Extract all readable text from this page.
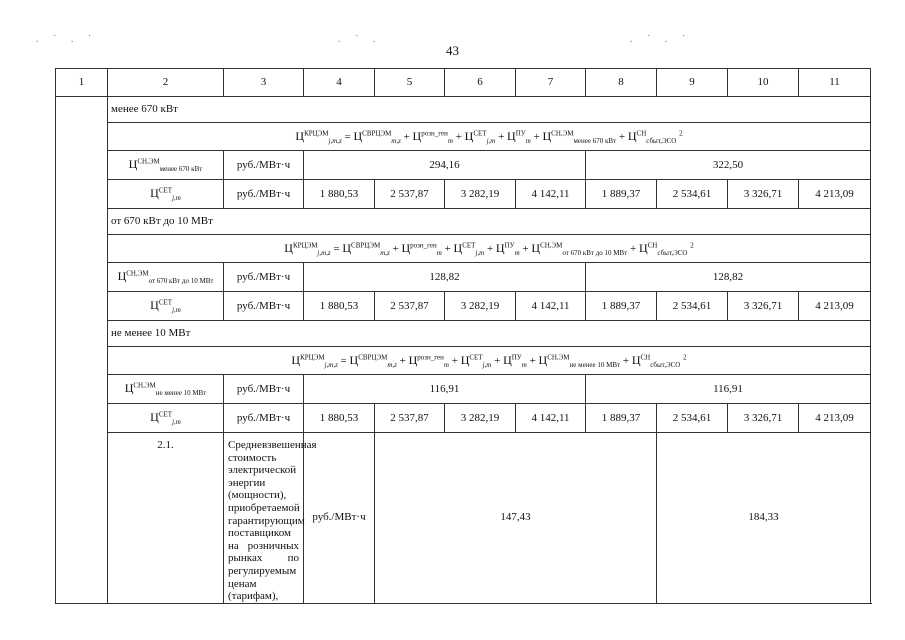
. ˙ . ˙	. ˙ .	. ˙ . ˙
43
1	2	3	4	5	6	7	8	9	10	11
	менее 670 кВт									
	$Ц^{КРЦЭМ}_{j,m,z} = Ц^{СВРЦЭМ}_{m,z} + Ц^{розн\_ген}_m + Ц^{СЕТ}_{j,m} + Ц^{ПУ}_m + Ц^{СН,ЭМ}_{менее 670 кВт} + Ц^{СН}_{сбыт,ЭСО}$ $^2$
	$Ц^{СН,ЭМ}_{менее 670 кВт}$	руб./МВт·ч	294,16				322,50			
	$Ц^{СЕТ}_{j,m}$	руб./МВт·ч	1 880,53	2 537,87	3 282,19	4 142,11	1 889,37	2 534,61	3 326,71	4 213,09
	от 670 кВт до 10 МВт									
	$Ц^{КРЦЭМ}_{j,m,z} = Ц^{СВРЦЭМ}_{m,z} + Ц^{розн\_ген}_m + Ц^{СЕТ}_{j,m} + Ц^{ПУ}_m + Ц^{СН,ЭМ}_{от 670 кВт до 10 МВт} + Ц^{СН}_{сбыт,ЭСО}$ $^2$
	$Ц^{СН,ЭМ}_{от 670 кВт до 10 МВт}$	руб./МВт·ч	128,82				128,82			
	$Ц^{СЕТ}_{j,m}$	руб./МВт·ч	1 880,53	2 537,87	3 282,19	4 142,11	1 889,37	2 534,61	3 326,71	4 213,09
	не менее 10 МВт									
	$Ц^{КРЦЭМ}_{j,m,z} = Ц^{СВРЦЭМ}_{m,z} + Ц^{розн\_ген}_m + Ц^{СЕТ}_{j,m} + Ц^{ПУ}_m + Ц^{СН,ЭМ}_{не менее 10 МВт} + Ц^{СН}_{сбыт,ЭСО}$ $^2$
	$Ц^{СН,ЭМ}_{не менее 10 МВт}$	руб./МВт·ч	116,91				116,91			
	$Ц^{СЕТ}_{j,m}$	руб./МВт·ч	1 880,53	2 537,87	3 282,19	4 142,11	1 889,37	2 534,61	3 326,71	4 213,09
	2.1.	Средневзвешенная стоимость электрической энергии (мощности), приобретаемой гарантирующим поставщиком на розничных рынках по регулируемым ценам (тарифам),	руб./МВт·ч	147,43				184,33		
